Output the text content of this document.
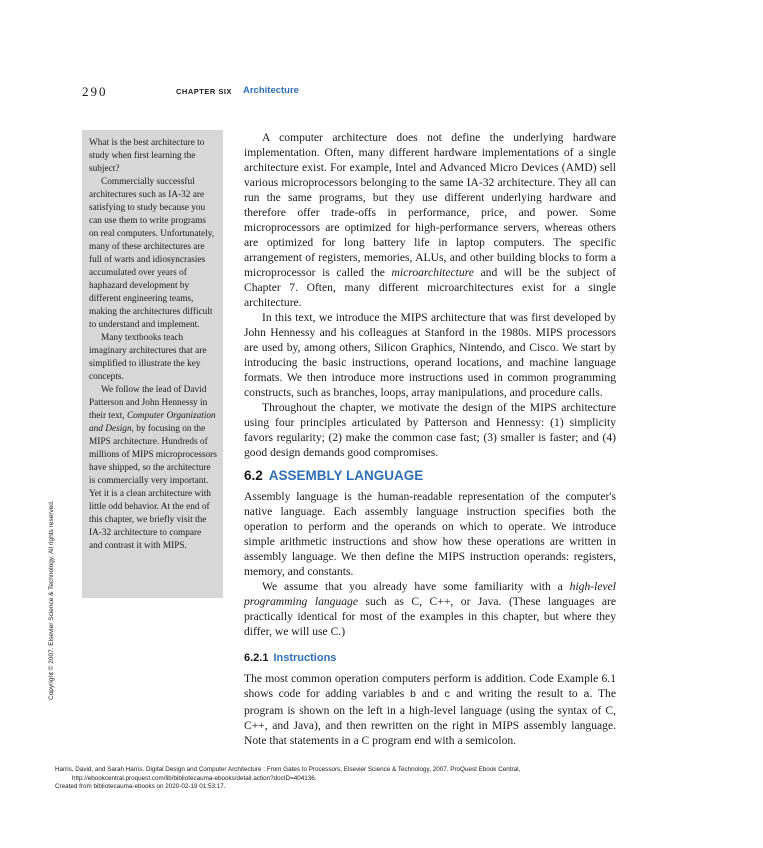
290	CHAPTER SIX Architecture

What is the best architecture to study when first learning the subject?

Commercially successful architectures such as IA-32 are satisfying to study because you can use them to write programs on real computers. Unfortunately, many of these architectures are full of warts and idiosyncrasies accumulated over years of haphazard development by different engineering teams, making the architectures difficult to understand and implement.

Many textbooks teach imaginary architectures that are simplified to illustrate the key concepts.

We follow the lead of David Patterson and John Hennessy in their text, Computer Organization and Design, by focusing on the MIPS architecture. Hundreds of millions of MIPS microprocessors have shipped, so the architecture is commercially very important. Yet it is a clean architecture with little odd behavior. At the end of this chapter, we briefly visit the IA-32 architecture to compare and contrast it with MIPS.

A computer architecture does not define the underlying hardware implementation. Often, many different hardware implementations of a single architecture exist. For example, Intel and Advanced Micro Devices (AMD) sell various microprocessors belonging to the same IA-32 architecture. They all can run the same programs, but they use different underlying hardware and therefore offer trade-offs in performance, price, and power. Some microprocessors are optimized for high-performance servers, whereas others are optimized for long battery life in laptop computers. The specific arrangement of registers, memories, ALUs, and other building blocks to form a microprocessor is called the microarchitecture and will be the subject of Chapter 7. Often, many different microarchitectures exist for a single architecture.

In this text, we introduce the MIPS architecture that was first developed by John Hennessy and his colleagues at Stanford in the 1980s. MIPS processors are used by, among others, Silicon Graphics, Nintendo, and Cisco. We start by introducing the basic instructions, operand locations, and machine language formats. We then introduce more instructions used in common programming constructs, such as branches, loops, array manipulations, and procedure calls.

Throughout the chapter, we motivate the design of the MIPS architecture using four principles articulated by Patterson and Hennessy: (1) simplicity favors regularity; (2) make the common case fast; (3) smaller is faster; and (4) good design demands good compromises.

6.2 ASSEMBLY LANGUAGE

Assembly language is the human-readable representation of the computer's native language. Each assembly language instruction specifies both the operation to perform and the operands on which to operate. We introduce simple arithmetic instructions and show how these operations are written in assembly language. We then define the MIPS instruction operands: registers, memory, and constants.

We assume that you already have some familiarity with a high-level programming language such as C, C++, or Java. (These languages are practically identical for most of the examples in this chapter, but where they differ, we will use C.)

6.2.1 Instructions

The most common operation computers perform is addition. Code Example 6.1 shows code for adding variables b and c and writing the result to a. The program is shown on the left in a high-level language (using the syntax of C, C++, and Java), and then rewritten on the right in MIPS assembly language. Note that statements in a C program end with a semicolon.

Copyright © 2007. Elsevier Science & Technology. All rights reserved.
Harris, David, and Sarah Harris. Digital Design and Computer Architecture : From Gates to Processors, Elsevier Science & Technology, 2007. ProQuest Ebook Central,
http://ebookcentral.proquest.com/lib/bibliotecauma-ebooks/detail.action?docID=404136.
Created from bibliotecauma-ebooks on 2020-02-19 01:53:17.
